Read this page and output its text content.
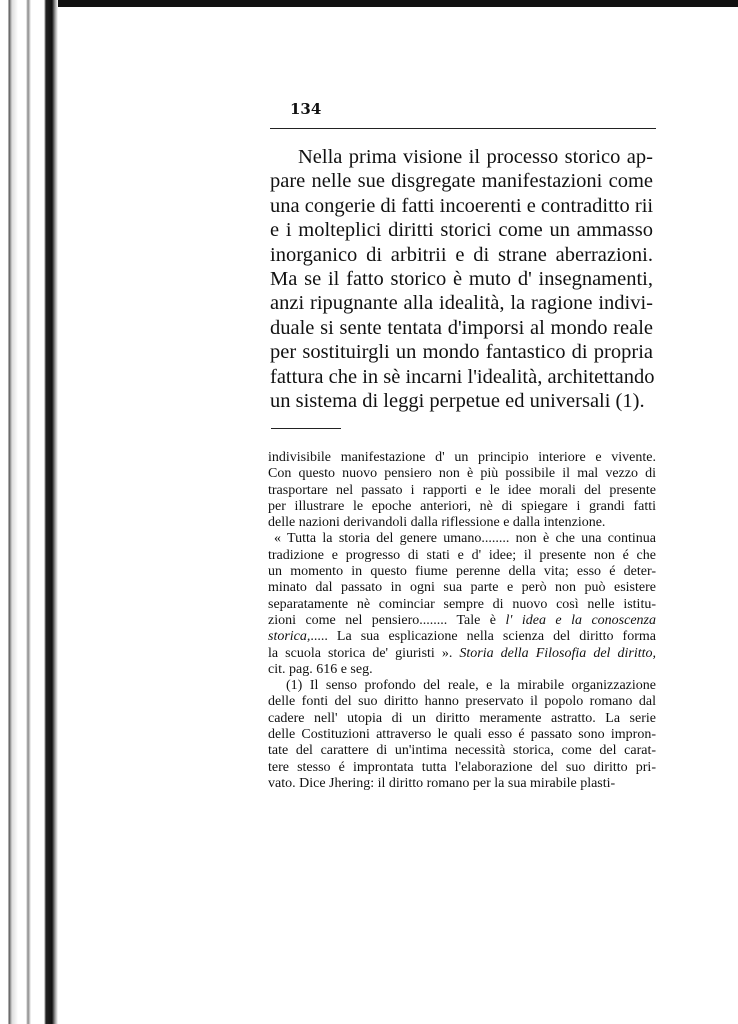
134
Nella prima visione il processo storico ap-
pare nelle sue disgregate manifestazioni come
una congerie di fatti incoerenti e contraditto rii
e i molteplici diritti storici come un ammasso
inorganico di arbitrii e di strane aberrazioni.
Ma se il fatto storico è muto d' insegnamenti,
anzi ripugnante alla idealità, la ragione indivi-
duale si sente tentata d'imporsi al mondo reale
per sostituirgli un mondo fantastico di propria
fattura che in sè incarni l'idealità, architettando
un sistema di leggi perpetue ed universali (1).
indivisibile manifestazione d' un principio interiore e vivente.
Con questo nuovo pensiero non è più possibile il mal vezzo di
trasportare nel passato i rapporti e le idee morali del presente
per illustrare le epoche anteriori, nè di spiegare i grandi fatti
delle nazioni derivandoli dalla riflessione e dalla intenzione.
« Tutta la storia del genere umano........ non è che una continua
tradizione e progresso di stati e d' idee; il presente non é che
un momento in questo fiume perenne della vita; esso é deter-
minato dal passato in ogni sua parte e però non può esistere
separatamente nè cominciar sempre di nuovo così nelle istitu-
zioni come nel pensiero........ Tale è l' idea e la conoscenza
storica,..... La sua esplicazione nella scienza del diritto forma
la scuola storica de' giuristi ». Storia della Filosofia del diritto,
cit. pag. 616 e seg.
(1) Il senso profondo del reale, e la mirabile organizzazione
delle fonti del suo diritto hanno preservato il popolo romano dal
cadere nell' utopia di un diritto meramente astratto. La serie
delle Costituzioni attraverso le quali esso é passato sono impron-
tate del carattere di un'intima necessità storica, come del carat-
tere stesso é improntata tutta l'elaborazione del suo diritto pri-
vato. Dice Jhering: il diritto romano per la sua mirabile plasti-
